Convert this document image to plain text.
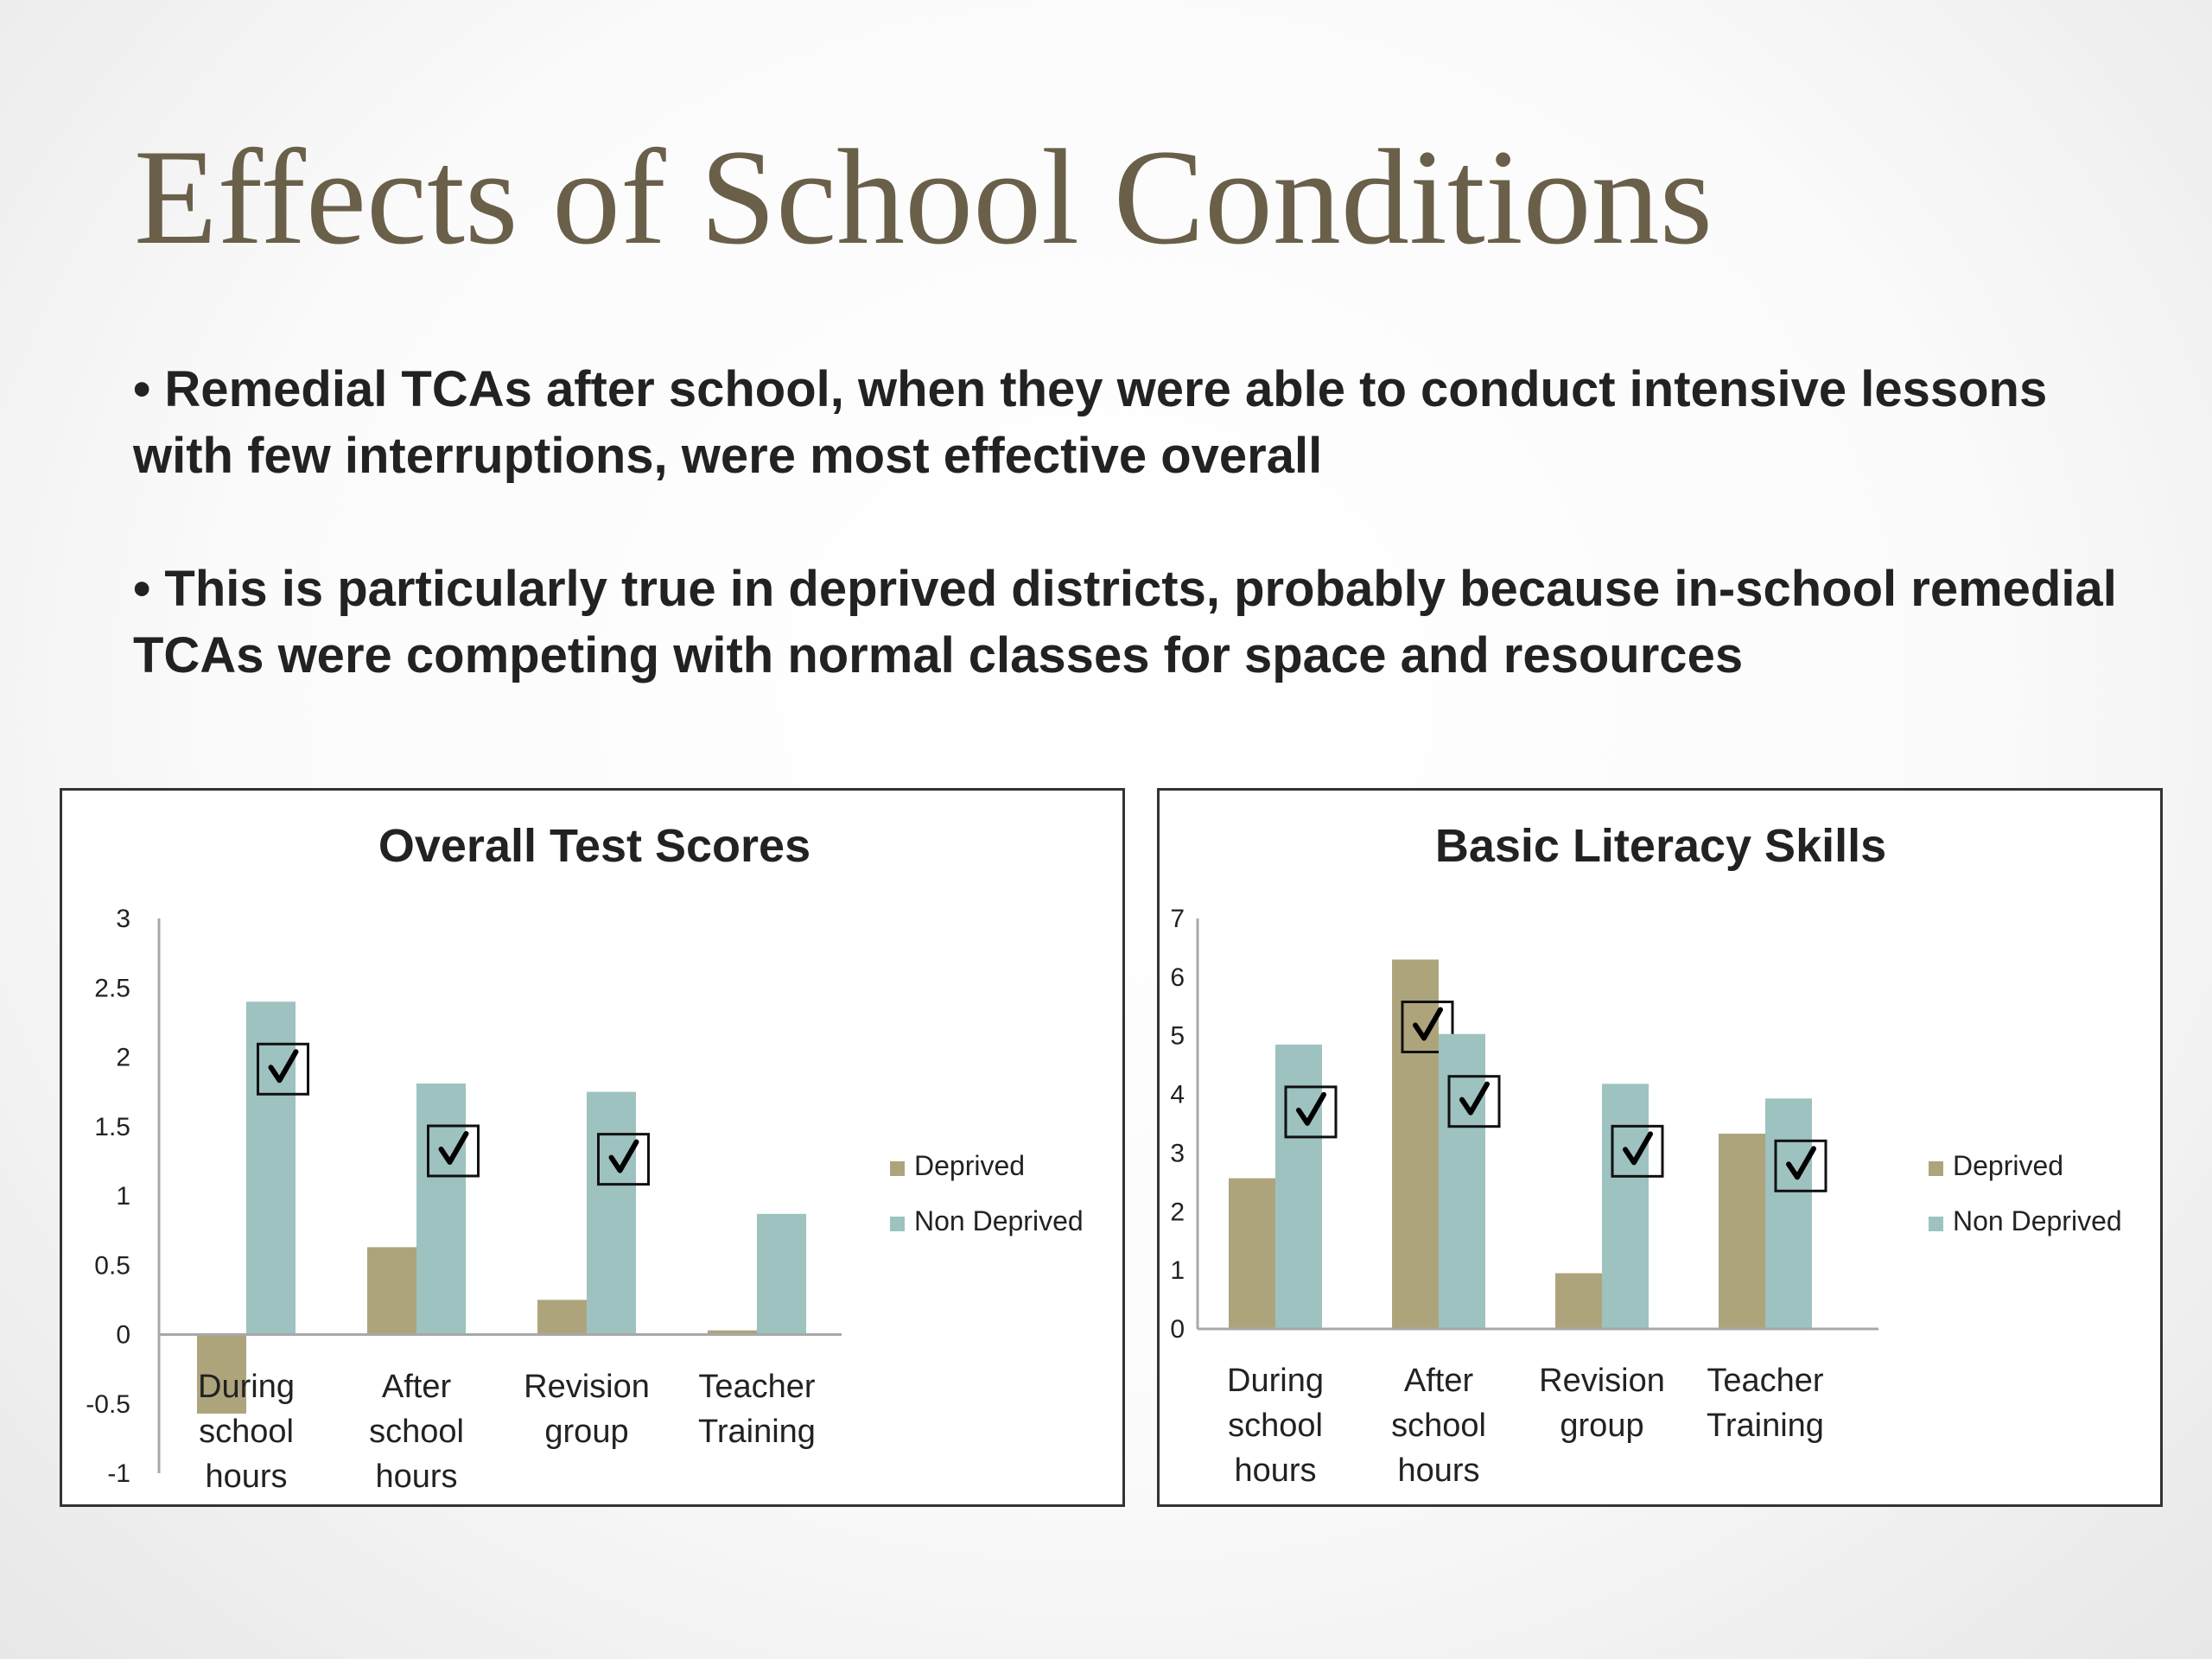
Effects of School Conditions

• Remedial TCAs after school, when they were able to conduct intensive lessons with few interruptions, were most effective overall

• This is particularly true in deprived districts, probably because in-school remedial TCAs were competing with normal classes for space and resources

Overall Test Scores
3
2.5
2
1.5
1
0.5
0
-0.5
-1
During
school
hours
After
school
hours
Revision
group
Teacher
Training
Deprived
Non Deprived
Basic Literacy Skills
7
6
5
4
3
2
1
0
During
school
hours
After
school
hours
Revision
group
Teacher
Training
Deprived
Non Deprived
